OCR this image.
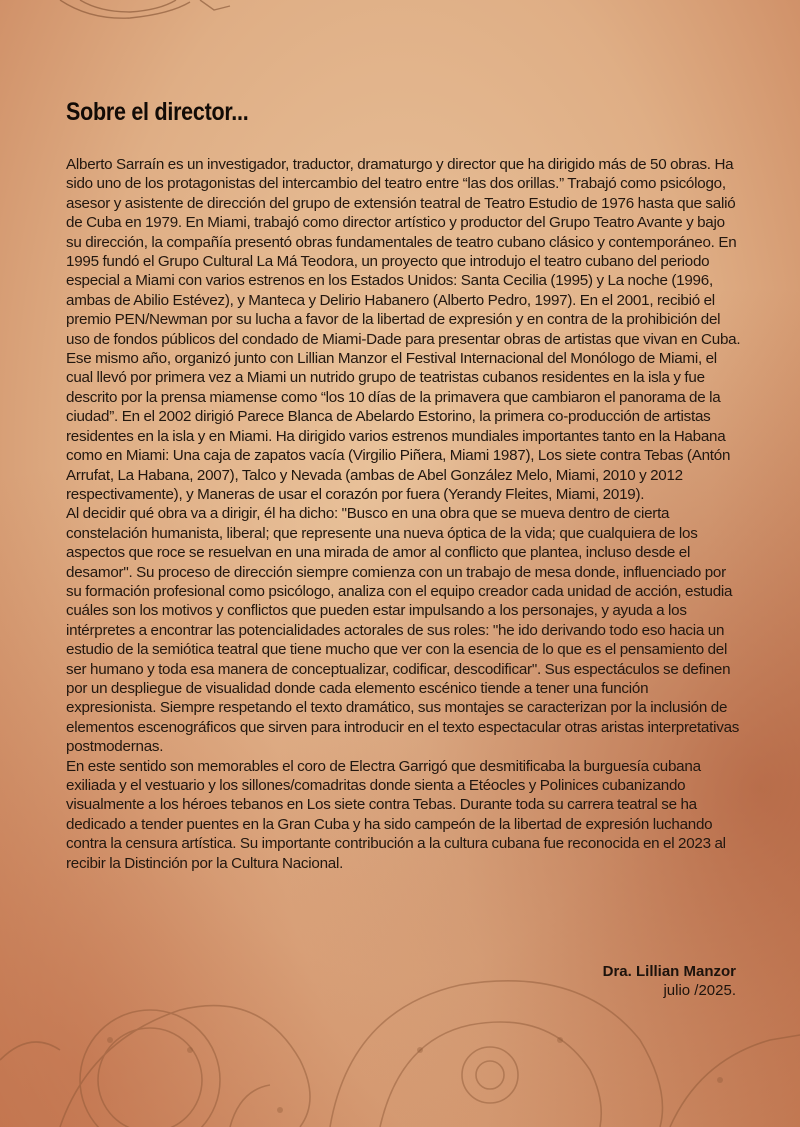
Sobre el director...

Alberto Sarraín es un investigador, traductor, dramaturgo y director que ha dirigido más de 50 obras. Ha sido uno de los protagonistas del intercambio del teatro entre “las dos orillas.” Trabajó como psicólogo, asesor y asistente de dirección del grupo de extensión teatral de Teatro Estudio de 1976 hasta que salió de Cuba en 1979. En Miami, trabajó como director artístico y productor del Grupo Teatro Avante y bajo su dirección, la compañía presentó obras fundamentales de teatro cubano clásico y contemporáneo. En 1995 fundó el Grupo Cultural La Má Teodora, un proyecto que introdujo el teatro cubano del periodo especial a Miami con varios estrenos en los Estados Unidos: Santa Cecilia (1995) y La noche (1996, ambas de Abilio Estévez), y Manteca y Delirio Habanero (Alberto Pedro, 1997). En el 2001, recibió el premio PEN/Newman por su lucha a favor de la libertad de expresión y en contra de la prohibición del uso de fondos públicos del condado de Miami-Dade para presentar obras de artistas que vivan en Cuba. Ese mismo año, organizó junto con Lillian Manzor el Festival Internacional del Monólogo de Miami, el cual llevó por primera vez a Miami un nutrido grupo de teatristas cubanos residentes en la isla y fue descrito por la prensa miamense como “los 10 días de la primavera que cambiaron el panorama de la ciudad”. En el 2002 dirigió Parece Blanca de Abelardo Estorino, la primera co-producción de artistas residentes en la isla y en Miami. Ha dirigido varios estrenos mundiales importantes tanto en la Habana como en Miami: Una caja de zapatos vacía (Virgilio Piñera, Miami 1987), Los siete contra Tebas (Antón Arrufat, La Habana, 2007), Talco y Nevada (ambas de Abel González Melo, Miami, 2010 y 2012 respectivamente), y Maneras de usar el corazón por fuera (Yerandy Fleites, Miami, 2019).

Al decidir qué obra va a dirigir, él ha dicho: "Busco en una obra que se mueva dentro de cierta constelación humanista, liberal; que represente una nueva óptica de la vida; que cualquiera de los aspectos que roce se resuelvan en una mirada de amor al conflicto que plantea, incluso desde el desamor". Su proceso de dirección siempre comienza con un trabajo de mesa donde, influenciado por su formación profesional como psicólogo, analiza con el equipo creador cada unidad de acción, estudia cuáles son los motivos y conflictos que pueden estar impulsando a los personajes, y ayuda a los intérpretes a encontrar las potencialidades actorales de sus roles: "he ido derivando todo eso hacia un estudio de la semiótica teatral que tiene mucho que ver con la esencia de lo que es el pensamiento del ser humano y toda esa manera de conceptualizar, codificar, descodificar". Sus espectáculos se definen por un despliegue de visualidad donde cada elemento escénico tiende a tener una función expresionista. Siempre respetando el texto dramático, sus montajes se caracterizan por la inclusión de elementos escenográficos que sirven para introducir en el texto espectacular otras aristas interpretativas postmodernas.

En este sentido son memorables el coro de Electra Garrigó que desmitificaba la burguesía cubana exiliada y el vestuario y los sillones/comadritas donde sienta a Etéocles y Polinices cubanizando visualmente a los héroes tebanos en Los siete contra Tebas. Durante toda su carrera teatral se ha dedicado a tender puentes en la Gran Cuba y ha sido campeón de la libertad de expresión luchando contra la censura artística. Su importante contribución a la cultura cubana fue reconocida en el 2023 al recibir la Distinción por la Cultura Nacional.

Dra. Lillian Manzor
julio /2025.
